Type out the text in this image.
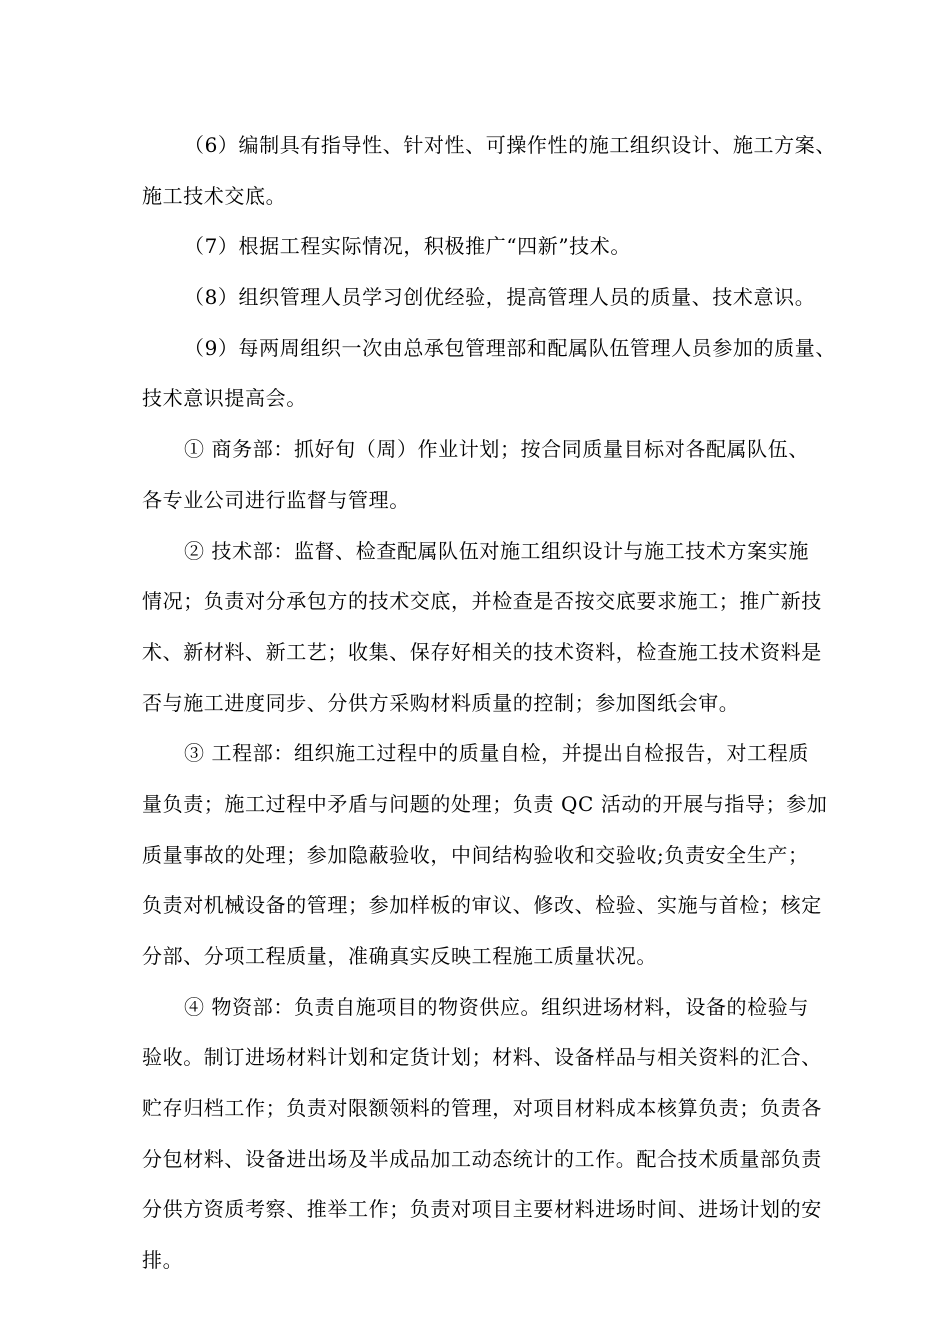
（6）编制具有指导性、针对性、可操作性的施工组织设计、施工方案、
施工技术交底。
（7）根据工程实际情况，积极推广“四新”技术。
（8）组织管理人员学习创优经验，提高管理人员的质量、技术意识。
（9）每两周组织一次由总承包管理部和配属队伍管理人员参加的质量、
技术意识提高会。
① 商务部：抓好旬（周）作业计划；按合同质量目标对各配属队伍、
各专业公司进行监督与管理。
② 技术部：监督、检查配属队伍对施工组织设计与施工技术方案实施
情况；负责对分承包方的技术交底，并检查是否按交底要求施工；推广新技
术、新材料、新工艺；收集、保存好相关的技术资料，检查施工技术资料是
否与施工进度同步、分供方采购材料质量的控制；参加图纸会审。
③ 工程部：组织施工过程中的质量自检，并提出自检报告，对工程质
量负责；施工过程中矛盾与问题的处理；负责 QC 活动的开展与指导；参加
质量事故的处理；参加隐蔽验收，中间结构验收和交验收;负责安全生产；
负责对机械设备的管理；参加样板的审议、修改、检验、实施与首检；核定
分部、分项工程质量，准确真实反映工程施工质量状况。
④ 物资部：负责自施项目的物资供应。组织进场材料，设备的检验与
验收。制订进场材料计划和定货计划；材料、设备样品与相关资料的汇合、
贮存归档工作；负责对限额领料的管理，对项目材料成本核算负责；负责各
分包材料、设备进出场及半成品加工动态统计的工作。配合技术质量部负责
分供方资质考察、推举工作；负责对项目主要材料进场时间、进场计划的安
排。
